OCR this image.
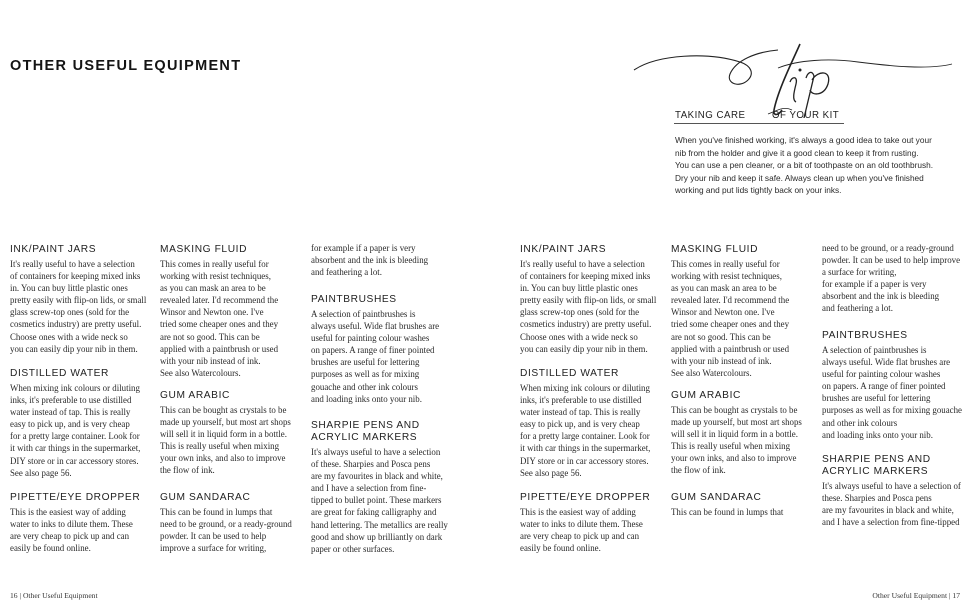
OTHER USEFUL EQUIPMENT
TAKING CARE	OF YOUR KIT
When you've finished working, it's always a good idea to take out your
nib from the holder and give it a good clean to keep it from rusting.
You can use a pen cleaner, or a bit of toothpaste on an old toothbrush.
Dry your nib and keep it safe. Always clean up when you've finished
working and put lids tightly back on your inks.

INK/PAINT JARS

It's really useful to have a selection
of containers for keeping mixed inks
in. You can buy little plastic ones
pretty easily with flip-on lids, or small
glass screw-top ones (sold for the
cosmetics industry) are pretty useful.
Choose ones with a wide neck so
you can easily dip your nib in them.

DISTILLED WATER

When mixing ink colours or diluting
inks, it's preferable to use distilled
water instead of tap. This is really
easy to pick up, and is very cheap
for a pretty large container. Look for
it with car things in the supermarket,
DIY store or in car accessory stores.
See also page 56.

PIPETTE/EYE DROPPER

This is the easiest way of adding
water to inks to dilute them. These
are very cheap to pick up and can
easily be found online.

MASKING FLUID

This comes in really useful for
working with resist techniques,
as you can mask an area to be
revealed later. I'd recommend the
Winsor and Newton one. I've
tried some cheaper ones and they
are not so good. This can be
applied with a paintbrush or used
with your nib instead of ink.
See also Watercolours.

GUM ARABIC

This can be bought as crystals to be
made up yourself, but most art shops
will sell it in liquid form in a bottle.
This is really useful when mixing
your own inks, and also to improve
the flow of ink.

GUM SANDARAC

This can be found in lumps that
need to be ground, or a ready-ground
powder. It can be used to help
improve a surface for writing,

for example if a paper is very
absorbent and the ink is bleeding
and feathering a lot.

PAINTBRUSHES

A selection of paintbrushes is
always useful. Wide flat brushes are
useful for painting colour washes
on papers. A range of finer pointed
brushes are useful for lettering
purposes as well as for mixing
gouache and other ink colours
and loading inks onto your nib.

SHARPIE PENS AND
ACRYLIC MARKERS

It's always useful to have a selection
of these. Sharpies and Posca pens
are my favourites in black and white,
and I have a selection from fine-
tipped to bullet point. These markers
are great for faking calligraphy and
hand lettering. The metallics are really
good and show up brilliantly on dark
paper or other surfaces.

INK/PAINT JARS

It's really useful to have a selection
of containers for keeping mixed inks
in. You can buy little plastic ones
pretty easily with flip-on lids, or small
glass screw-top ones (sold for the
cosmetics industry) are pretty useful.
Choose ones with a wide neck so
you can easily dip your nib in them.

DISTILLED WATER

When mixing ink colours or diluting
inks, it's preferable to use distilled
water instead of tap. This is really
easy to pick up, and is very cheap
for a pretty large container. Look for
it with car things in the supermarket,
DIY store or in car accessory stores.
See also page 56.

PIPETTE/EYE DROPPER

This is the easiest way of adding
water to inks to dilute them. These
are very cheap to pick up and can
easily be found online.

MASKING FLUID

This comes in really useful for
working with resist techniques,
as you can mask an area to be
revealed later. I'd recommend the
Winsor and Newton one. I've
tried some cheaper ones and they
are not so good. This can be
applied with a paintbrush or used
with your nib instead of ink.
See also Watercolours.

GUM ARABIC

This can be bought as crystals to be
made up yourself, but most art shops
will sell it in liquid form in a bottle.
This is really useful when mixing
your own inks, and also to improve
the flow of ink.

GUM SANDARAC

This can be found in lumps that

need to be ground, or a ready-ground
powder. It can be used to help improve
a surface for writing,
for example if a paper is very
absorbent and the ink is bleeding
and feathering a lot.

PAINTBRUSHES

A selection of paintbrushes is
always useful. Wide flat brushes are
useful for painting colour washes
on papers. A range of finer pointed
brushes are useful for lettering
purposes as well as for mixing gouache
and other ink colours
and loading inks onto your nib.

SHARPIE PENS AND
ACRYLIC MARKERS

It's always useful to have a selection of
these. Sharpies and Posca pens
are my favourites in black and white,
and I have a selection from fine-tipped

16 | Other Useful Equipment	Other Useful Equipment | 17
